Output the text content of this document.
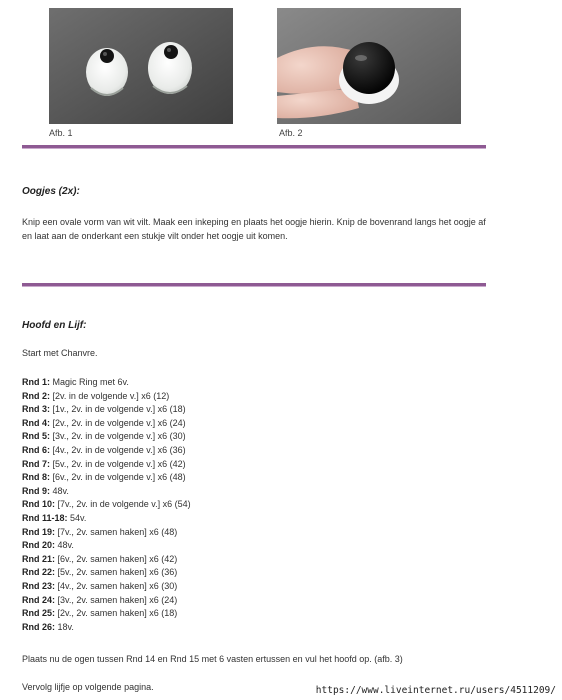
Afb. 1	Afb. 2
Oogjes (2x):
Knip een ovale vorm van wit vilt. Maak een inkeping en plaats het oogje hierin. Knip de bovenrand langs het oogje af en laat aan de onderkant een stukje vilt onder het oogje uit komen.
Hoofd en Lijf:
Start met Chanvre.
Rnd 1: Magic Ring met 6v.
Rnd 2: [2v. in de volgende v.] x6 (12)
Rnd 3: [1v., 2v. in de volgende v.] x6 (18)
Rnd 4: [2v., 2v. in de volgende v.] x6 (24)
Rnd 5: [3v., 2v. in de volgende v.] x6 (30)
Rnd 6: [4v., 2v. in de volgende v.] x6 (36)
Rnd 7: [5v., 2v. in de volgende v.] x6 (42)
Rnd 8: [6v., 2v. in de volgende v.] x6 (48)
Rnd 9: 48v.
Rnd 10: [7v., 2v. in de volgende v.] x6 (54)
Rnd 11-18: 54v.
Rnd 19: [7v., 2v. samen haken] x6 (48)
Rnd 20: 48v.
Rnd 21: [6v., 2v. samen haken] x6 (42)
Rnd 22: [5v., 2v. samen haken] x6 (36)
Rnd 23: [4v., 2v. samen haken] x6 (30)
Rnd 24: [3v., 2v. samen haken] x6 (24)
Rnd 25: [2v., 2v. samen haken] x6 (18)
Rnd 26: 18v.
Plaats nu de ogen tussen Rnd 14 en Rnd 15 met 6 vasten ertussen en vul het hoofd op. (afb. 3)
Vervolg lijfje op volgende pagina.	https://www.liveinternet.ru/users/4511209/
